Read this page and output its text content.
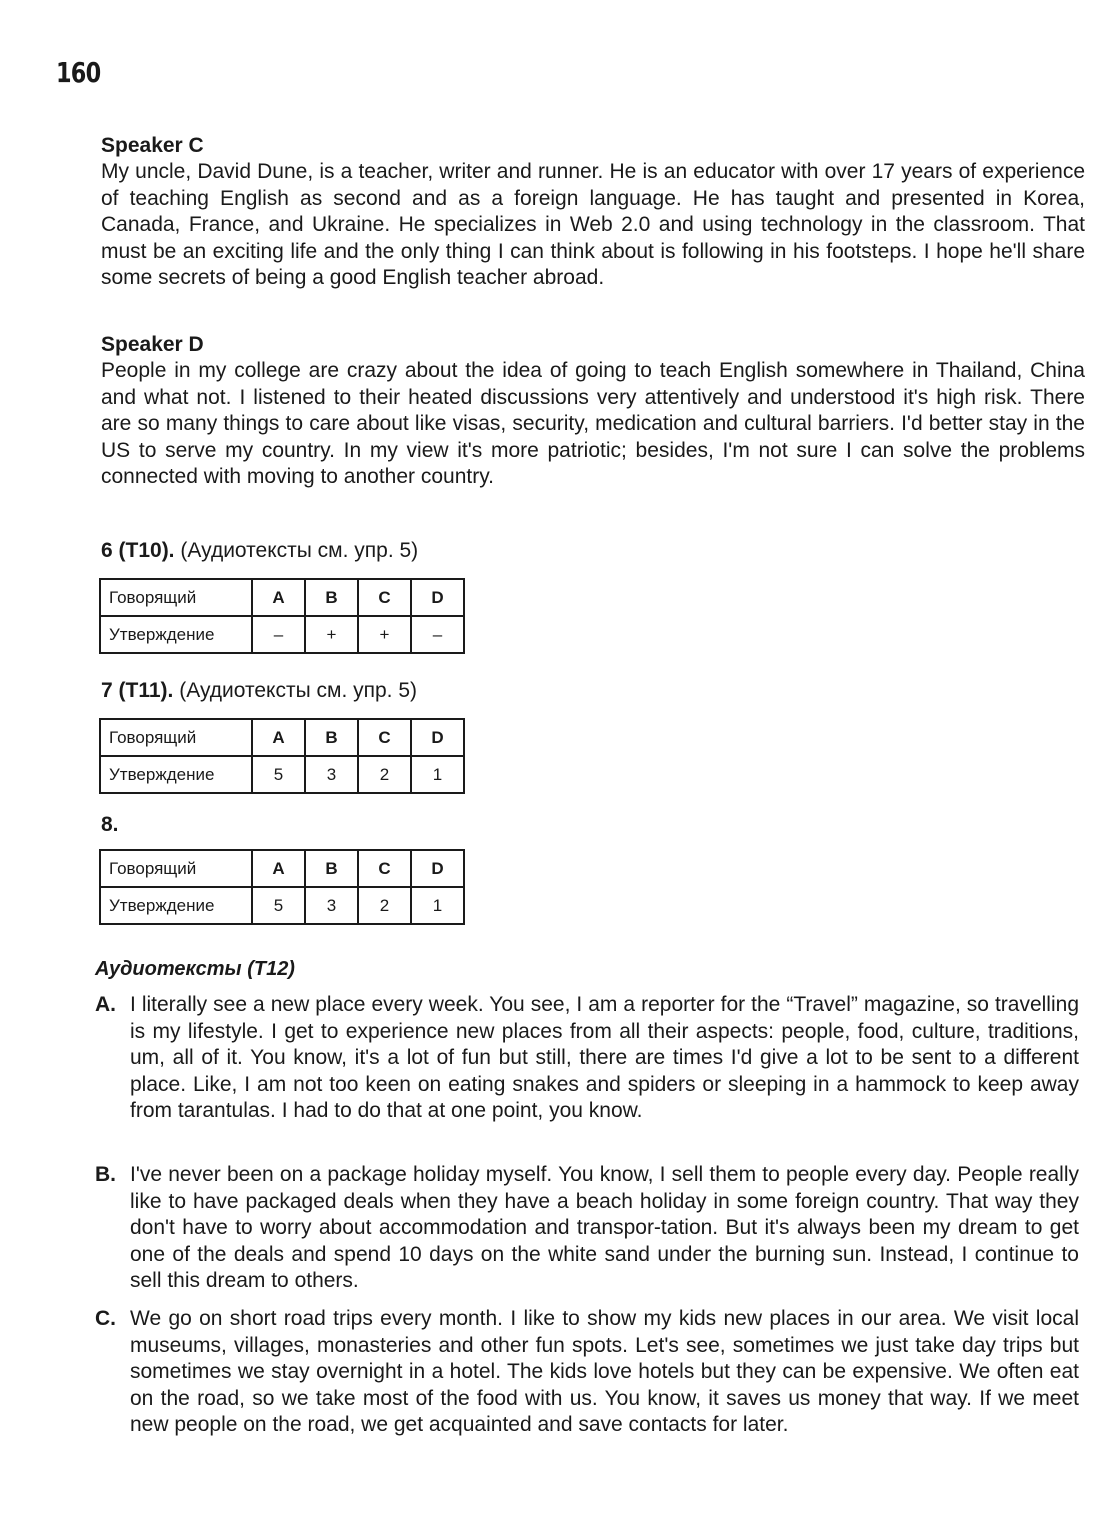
160

Speaker C

My uncle, David Dune, is a teacher, writer and runner. He is an educator with over 17 years of experience of teaching English as second and as a foreign language. He has taught and presented in Korea, Canada, France, and Ukraine. He specializes in Web 2.0 and using technology in the classroom. That must be an exciting life and the only thing I can think about is following in his footsteps. I hope he'll share some secrets of being a good English teacher abroad.

Speaker D

People in my college are crazy about the idea of going to teach English somewhere in Thailand, China and what not. I listened to their heated discussions very attentively and understood it's high risk. There are so many things to care about like visas, security, medication and cultural barriers. I'd better stay in the US to serve my country. In my view it's more patriotic; besides, I'm not sure I can solve the problems connected with moving to another country.

6 (T10). (Аудиотексты см. упр. 5)

Говорящий	A	B	C	D
Утверждение	–	+	+	–

7 (T11). (Аудиотексты см. упр. 5)

Говорящий	A	B	C	D
Утверждение	5	3	2	1

8.

Говорящий	A	B	C	D
Утверждение	5	3	2	1

Аудиотексты (T12)

A. I literally see a new place every week. You see, I am a reporter for the “Travel” magazine, so travelling is my lifestyle. I get to experience new places from all their aspects: people, food, culture, traditions, um, all of it. You know, it's a lot of fun but still, there are times I'd give a lot to be sent to a different place. Like, I am not too keen on eating snakes and spiders or sleeping in a hammock to keep away from tarantulas. I had to do that at one point, you know.

B. I've never been on a package holiday myself. You know, I sell them to people every day. People really like to have packaged deals when they have a beach holiday in some foreign country. That way they don't have to worry about accommodation and transpor-tation. But it's always been my dream to get one of the deals and spend 10 days on the white sand under the burning sun. Instead, I continue to sell this dream to others.

C. We go on short road trips every month. I like to show my kids new places in our area. We visit local museums, villages, monasteries and other fun spots. Let's see, sometimes we just take day trips but sometimes we stay overnight in a hotel. The kids love hotels but they can be expensive. We often eat on the road, so we take most of the food with us. You know, it saves us money that way. If we meet new people on the road, we get acquainted and save contacts for later.
